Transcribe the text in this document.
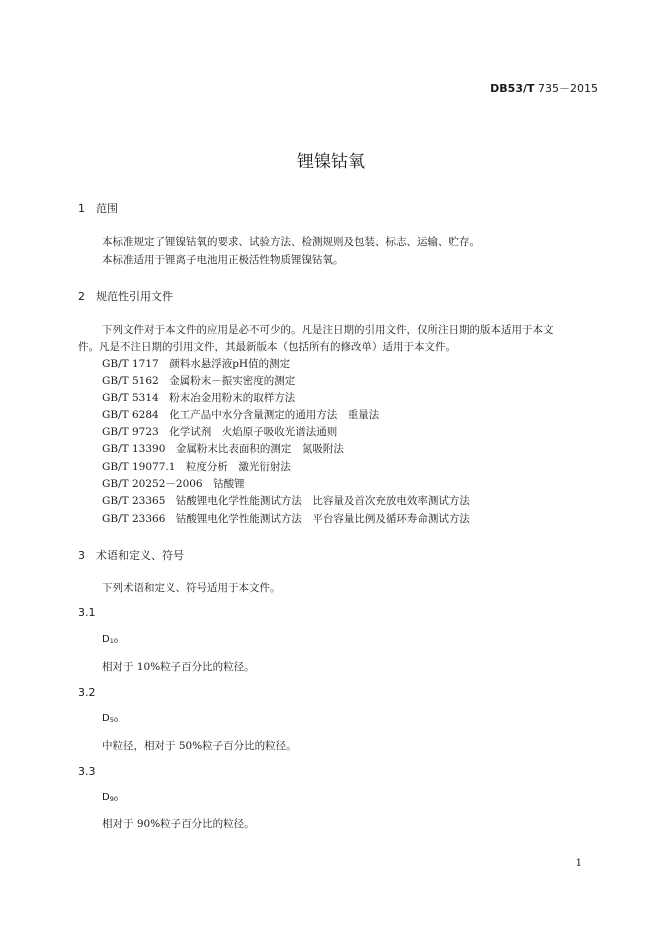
DB53/T 735－2015
锂镍钴氧
1 范围
本标准规定了锂镍钴氧的要求、试验方法、检测规则及包装、标志、运输、贮存。
本标准适用于锂离子电池用正极活性物质锂镍钴氧。
2 规范性引用文件
下列文件对于本文件的应用是必不可少的。凡是注日期的引用文件，仅所注日期的版本适用于本文
件。凡是不注日期的引用文件，其最新版本（包括所有的修改单）适用于本文件。
GB/T 1717　颜料水悬浮液pH值的测定
GB/T 5162　金属粉末－振实密度的测定
GB/T 5314　粉末冶金用粉末的取样方法
GB/T 6284　化工产品中水分含量测定的通用方法　重量法
GB/T 9723　化学试剂　火焰原子吸收光谱法通则
GB/T 13390　金属粉末比表面积的测定　氮吸附法
GB/T 19077.1　粒度分析　激光衍射法
GB/T 20252－2006　钴酸锂
GB/T 23365　钴酸锂电化学性能测试方法　比容量及首次充放电效率测试方法
GB/T 23366　钴酸锂电化学性能测试方法　平台容量比例及循环寿命测试方法
3 术语和定义、符号
下列术语和定义、符号适用于本文件。
3.1
$D_{10}$
相对于 10%粒子百分比的粒径。
3.2
$D_{50}$
中粒径，相对于 50%粒子百分比的粒径。
3.3
$D_{90}$
相对于 90%粒子百分比的粒径。
1
